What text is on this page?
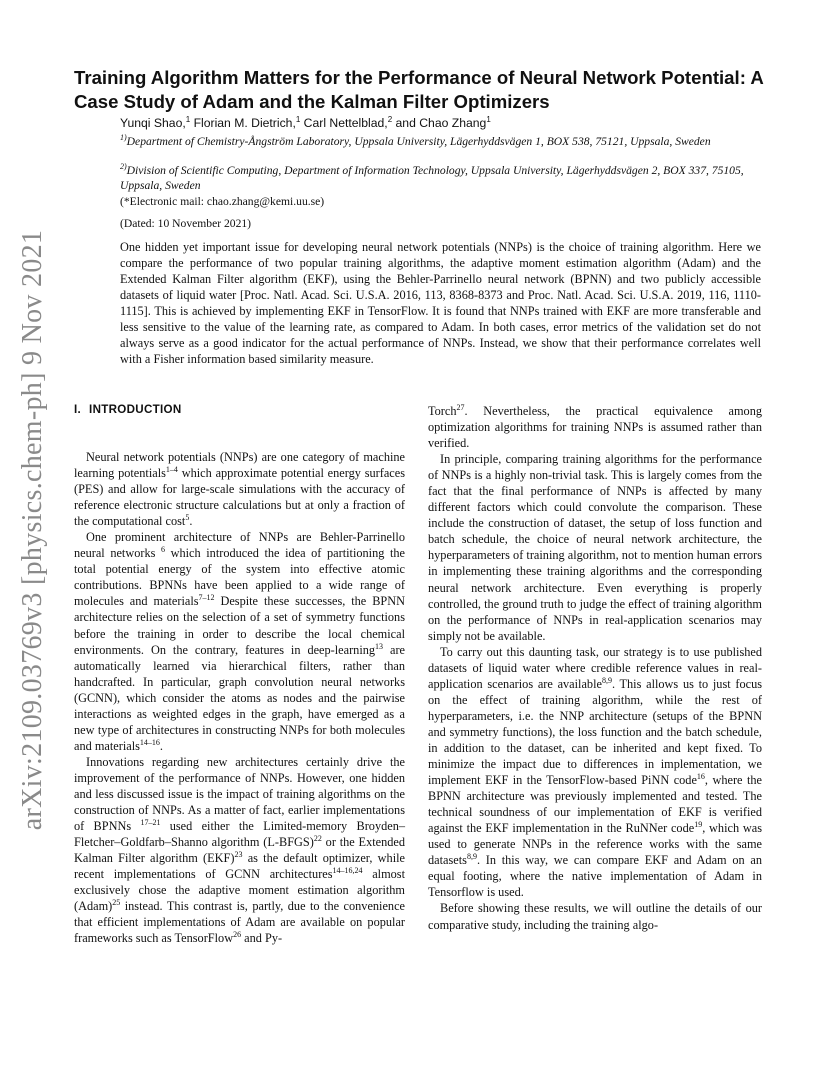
arXiv:2109.03769v3 [physics.chem-ph] 9 Nov 2021
Training Algorithm Matters for the Performance of Neural Network Potential: A Case Study of Adam and the Kalman Filter Optimizers
Yunqi Shao,$^1$ Florian M. Dietrich,$^1$ Carl Nettelblad,$^2$ and Chao Zhang$^1$
$^{1)}$Department of Chemistry-Ångström Laboratory, Uppsala University, Lägerhyddsvägen 1, BOX 538, 75121, Uppsala, Sweden
$^{2)}$Division of Scientific Computing, Department of Information Technology, Uppsala University, Lägerhyddsvägen 2, BOX 337, 75105, Uppsala, Sweden
(*Electronic mail: chao.zhang@kemi.uu.se)
(Dated: 10 November 2021)

One hidden yet important issue for developing neural network potentials (NNPs) is the choice of training algorithm. Here we compare the performance of two popular training algorithms, the adaptive moment estimation algorithm (Adam) and the Extended Kalman Filter algorithm (EKF), using the Behler-Parrinello neural network (BPNN) and two publicly accessible datasets of liquid water [Proc. Natl. Acad. Sci. U.S.A. 2016, 113, 8368-8373 and Proc. Natl. Acad. Sci. U.S.A. 2019, 116, 1110-1115]. This is achieved by implementing EKF in TensorFlow. It is found that NNPs trained with EKF are more transferable and less sensitive to the value of the learning rate, as compared to Adam. In both cases, error metrics of the validation set do not always serve as a good indicator for the actual performance of NNPs. Instead, we show that their performance correlates well with a Fisher information based similarity measure.

I. INTRODUCTION

Neural network potentials (NNPs) are one category of machine learning potentials$^{1-4}$ which approximate potential energy surfaces (PES) and allow for large-scale simulations with the accuracy of reference electronic structure calculations but at only a fraction of the computational cost$^5$.

One prominent architecture of NNPs are Behler-Parrinello neural networks $^6$ which introduced the idea of partitioning the total potential energy of the system into effective atomic contributions. BPNNs have been applied to a wide range of molecules and materials$^{7-12}$ Despite these successes, the BPNN architecture relies on the selection of a set of symmetry functions before the training in order to describe the local chemical environments. On the contrary, features in deep-learning$^{13}$ are automatically learned via hierarchical filters, rather than handcrafted. In particular, graph convolution neural networks (GCNN), which consider the atoms as nodes and the pairwise interactions as weighted edges in the graph, have emerged as a new type of architectures in constructing NNPs for both molecules and materials$^{14-16}$.

Innovations regarding new architectures certainly drive the improvement of the performance of NNPs. However, one hidden and less discussed issue is the impact of training algorithms on the construction of NNPs. As a matter of fact, earlier implementations of BPNNs $^{17-21}$ used either the Limited-memory Broyden–Fletcher–Goldfarb–Shanno algorithm (L-BFGS)$^{22}$ or the Extended Kalman Filter algorithm (EKF)$^{23}$ as the default optimizer, while recent implementations of GCNN architectures$^{14-16,24}$ almost exclusively chose the adaptive moment estimation algorithm (Adam)$^{25}$ instead. This contrast is, partly, due to the convenience that efficient implementations of Adam are available on popular frameworks such as TensorFlow$^{26}$ and Py-

Torch$^{27}$. Nevertheless, the practical equivalence among optimization algorithms for training NNPs is assumed rather than verified.

In principle, comparing training algorithms for the performance of NNPs is a highly non-trivial task. This is largely comes from the fact that the final performance of NNPs is affected by many different factors which could convolute the comparison. These include the construction of dataset, the setup of loss function and batch schedule, the choice of neural network architecture, the hyperparameters of training algorithm, not to mention human errors in implementing these training algorithms and the corresponding neural network architecture. Even everything is properly controlled, the ground truth to judge the effect of training algorithm on the performance of NNPs in real-application scenarios may simply not be available.

To carry out this daunting task, our strategy is to use published datasets of liquid water where credible reference values in real-application scenarios are available$^{8,9}$. This allows us to just focus on the effect of training algorithm, while the rest of hyperparameters, i.e. the NNP architecture (setups of the BPNN and symmetry functions), the loss function and the batch schedule, in addition to the dataset, can be inherited and kept fixed. To minimize the impact due to differences in implementation, we implement EKF in the TensorFlow-based PiNN code$^{16}$, where the BPNN architecture was previously implemented and tested. The technical soundness of our implementation of EKF is verified against the EKF implementation in the RuNNer code$^{19}$, which was used to generate NNPs in the reference works with the same datasets$^{8,9}$. In this way, we can compare EKF and Adam on an equal footing, where the native implementation of Adam in Tensorflow is used.

Before showing these results, we will outline the details of our comparative study, including the training algo-
